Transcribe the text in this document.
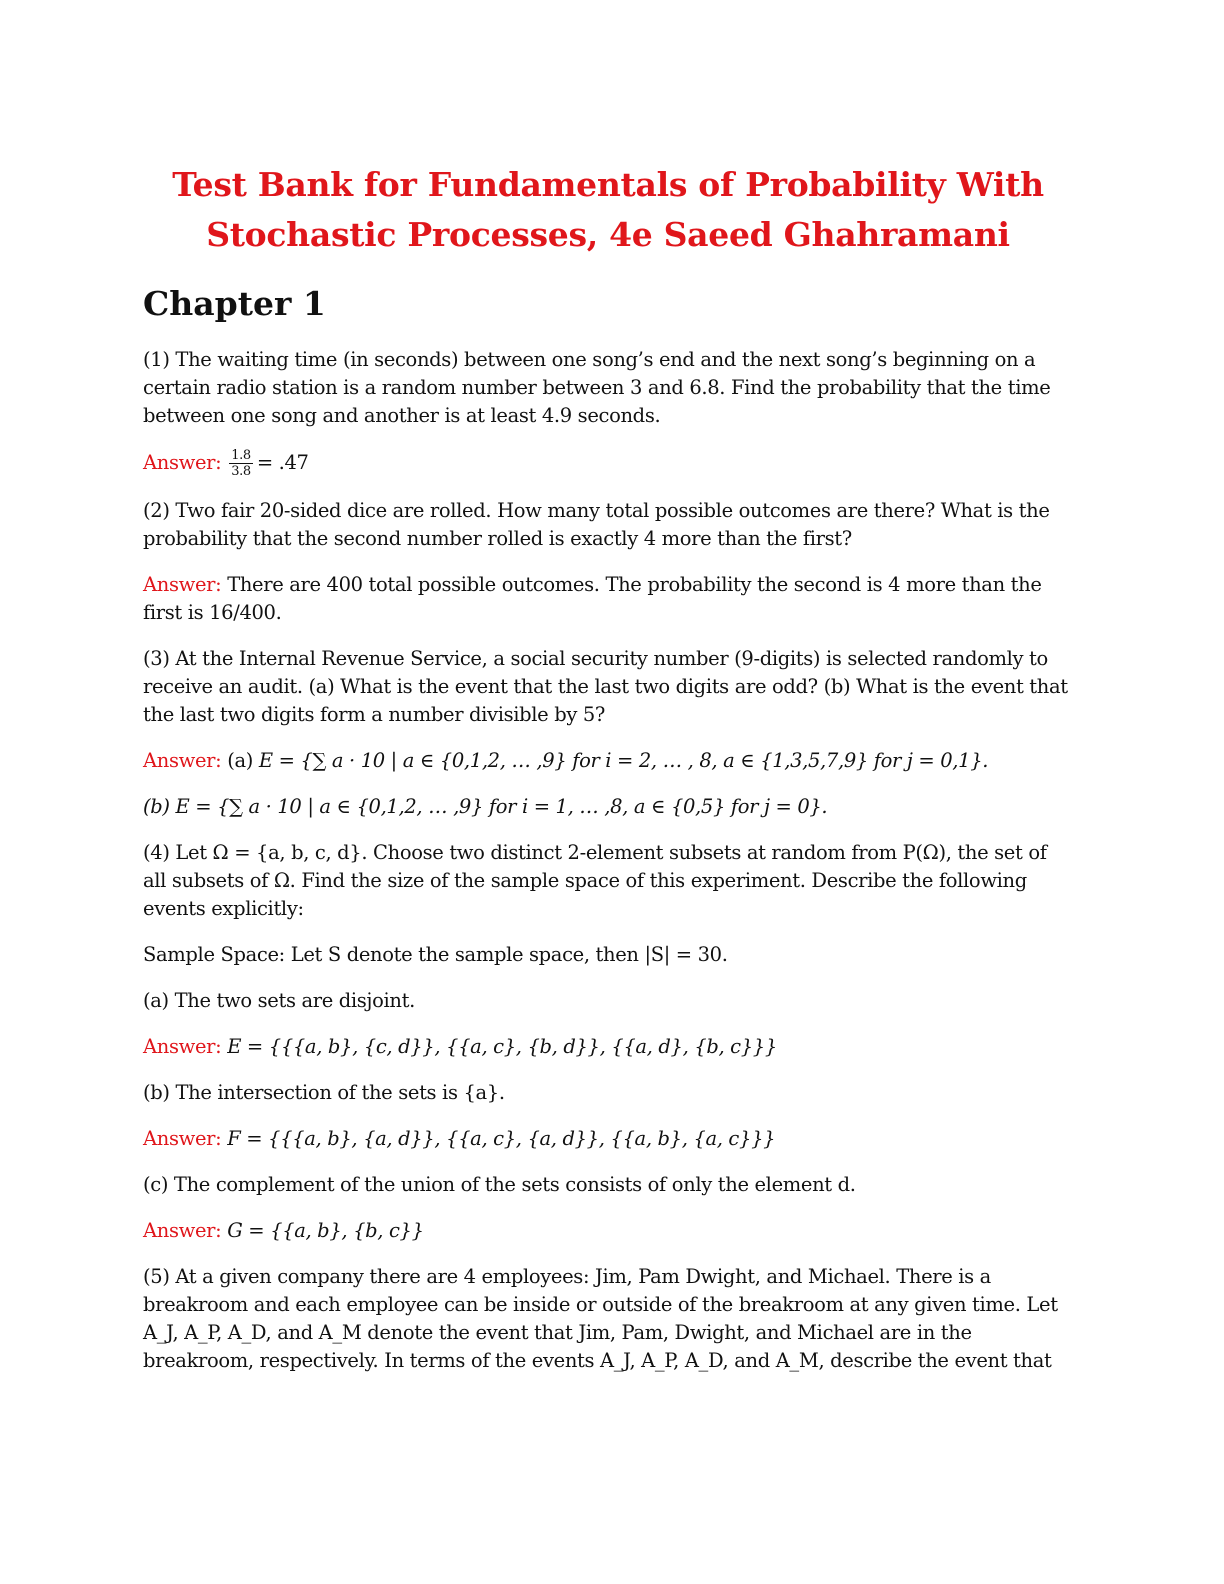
Test Bank for Fundamentals of Probability With
Stochastic Processes, 4e Saeed Ghahramani
Chapter 1

(1) The waiting time (in seconds) between one song’s end and the next song’s beginning on a certain radio station is a random number between 3 and 6.8. Find the probability that the time between one song and another is at least 4.9 seconds.

Answer: $\frac{1.8}{3.8} = .47$

(2) Two fair 20-sided dice are rolled. How many total possible outcomes are there? What is the probability that the second number rolled is exactly 4 more than the first?

Answer: There are 400 total possible outcomes. The probability the second is 4 more than the first is 16/400.

(3) At the Internal Revenue Service, a social security number (9-digits) is selected randomly to receive an audit. (a) What is the event that the last two digits are odd? (b) What is the event that the last two digits form a number divisible by 5?

Answer: (a) E = {∑ a · 10 | a ∈ {0,1,2, … ,9} for i = 2, … , 8, a ∈ {1,3,5,7,9} for j = 0,1}.

(b) E = {∑ a · 10 | a ∈ {0,1,2, … ,9} for i = 1, … ,8, a ∈ {0,5} for j = 0}.

(4) Let Ω = {a, b, c, d}. Choose two distinct 2-element subsets at random from P(Ω), the set of all subsets of Ω. Find the size of the sample space of this experiment. Describe the following events explicitly:

Sample Space: Let S denote the sample space, then |S| = 30.

(a) The two sets are disjoint.

Answer: E = {{{a, b}, {c, d}}, {{a, c}, {b, d}}, {{a, d}, {b, c}}}

(b) The intersection of the sets is {a}.

Answer: F = {{{a, b}, {a, d}}, {{a, c}, {a, d}}, {{a, b}, {a, c}}}

(c) The complement of the union of the sets consists of only the element d.

Answer: G = {{a, b}, {b, c}}

(5) At a given company there are 4 employees: Jim, Pam Dwight, and Michael. There is a breakroom and each employee can be inside or outside of the breakroom at any given time. Let A_J, A_P, A_D, and A_M denote the event that Jim, Pam, Dwight, and Michael are in the breakroom, respectively. In terms of the events A_J, A_P, A_D, and A_M, describe the event that
